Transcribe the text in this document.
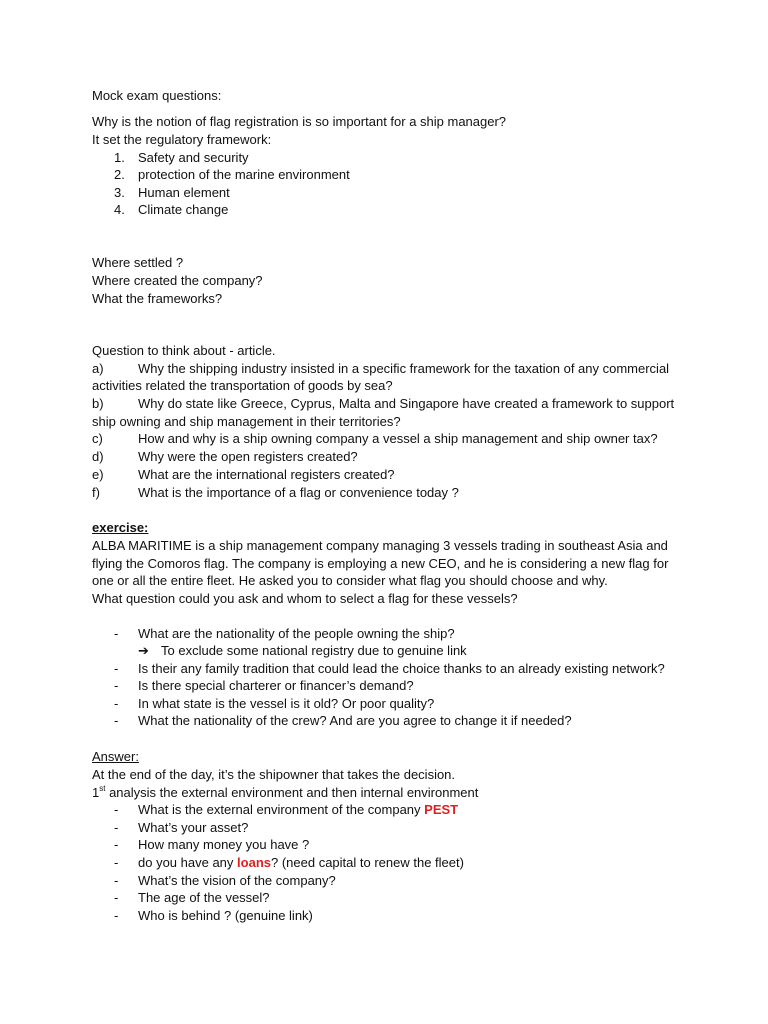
Mock exam questions:
Why is the notion of flag registration is so important for a ship manager?
It set the regulatory framework:
1. Safety and security
2. protection of the marine environment
3. Human element
4. Climate change
Where settled ?
Where created the company?
What the frameworks?
Question to think about - article.
a)	Why the shipping industry insisted in a specific framework for the taxation of any commercial
activities related the transportation of goods by sea?
b)	Why do state like Greece, Cyprus, Malta and Singapore have created a framework to support
ship owning and ship management in their territories?
c)	How and why is a ship owning company a vessel a ship management and ship owner tax?
d)	Why were the open registers created?
e)	What are the international registers created?
f)	What is the importance of a flag or convenience today ?
exercise:
ALBA MARITIME is a ship management company managing 3 vessels trading in southeast Asia and
flying the Comoros flag. The company is employing a new CEO, and he is considering a new flag for
one or all the entire fleet. He asked you to consider what flag you should choose and why.
What question could you ask and whom to select a flag for these vessels?
- What are the nationality of the people owning the ship?
➔ To exclude some national registry due to genuine link
- Is their any family tradition that could lead the choice thanks to an already existing network?
- Is there special charterer or financer’s demand?
- In what state is the vessel is it old? Or poor quality?
- What the nationality of the crew? And are you agree to change it if needed?
Answer:
At the end of the day, it’s the shipowner that takes the decision.
1st analysis the external environment and then internal environment
- What is the external environment of the company PEST
- What’s your asset?
- How many money you have ?
- do you have any loans? (need capital to renew the fleet)
- What’s the vision of the company?
- The age of the vessel?
- Who is behind ? (genuine link)
